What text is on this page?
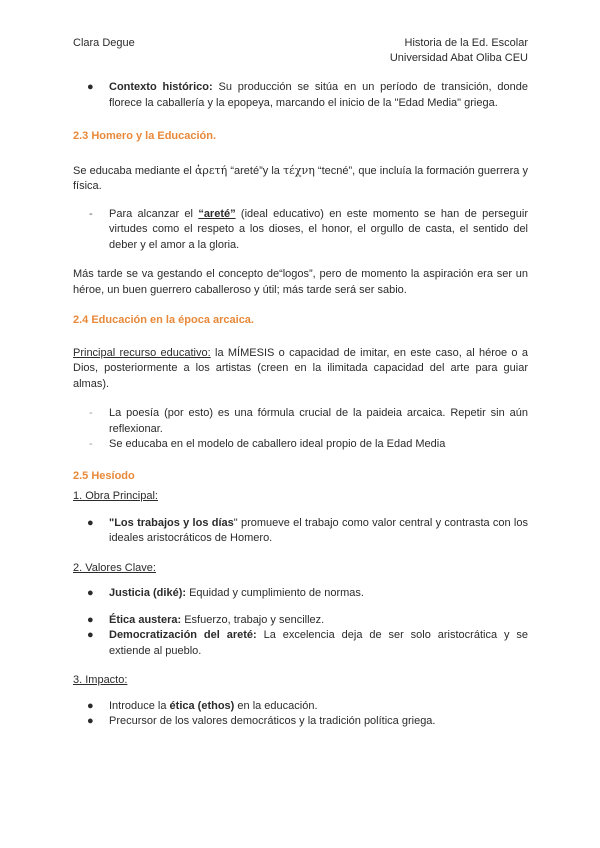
Clara Degue	Historia de la Ed. Escolar
Universidad Abat Oliba CEU
● Contexto histórico: Su producción se sitúa en un período de transición, donde florece la caballería y la epopeya, marcando el inicio de la "Edad Media" griega.

2.3 Homero y la Educación.

Se educaba mediante el ἀρετή “areté”y la τέχνη “tecné”, que incluía la formación guerrera y física.

- Para alcanzar el “areté” (ideal educativo) en este momento se han de perseguir virtudes como el respeto a los dioses, el honor, el orgullo de casta, el sentido del deber y el amor a la gloria.

Más tarde se va gestando el concepto de“logos”, pero de momento la aspiración era ser un héroe, un buen guerrero caballeroso y útil; más tarde será ser sabio.

2.4 Educación en la época arcaica.

Principal recurso educativo: la MÍMESIS o capacidad de imitar, en este caso, al héroe o a Dios, posteriormente a los artistas (creen en la ilimitada capacidad del arte para guiar almas).

- La poesía (por esto) es una fórmula crucial de la paideia arcaica. Repetir sin aún reflexionar.
- Se educaba en el modelo de caballero ideal propio de la Edad Media

2.5 Hesíodo

1. Obra Principal:

● "Los trabajos y los días" promueve el trabajo como valor central y contrasta con los ideales aristocráticos de Homero.

2. Valores Clave:

● Justicia (diké): Equidad y cumplimiento de normas.
● Ética austera: Esfuerzo, trabajo y sencillez.
● Democratización del areté: La excelencia deja de ser solo aristocrática y se extiende al pueblo.

3. Impacto:

● Introduce la ética (ethos) en la educación.
● Precursor de los valores democráticos y la tradición política griega.
